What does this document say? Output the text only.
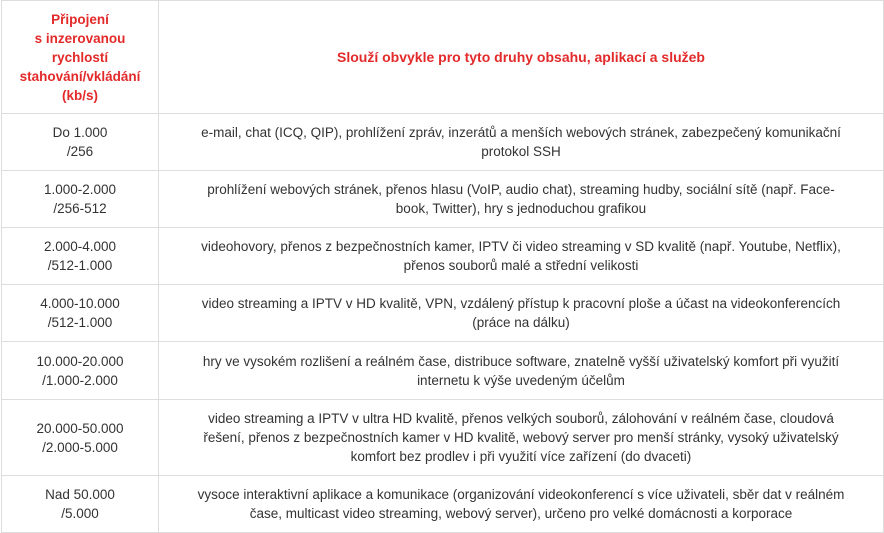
Připojení
s inzerovanou
rychlostí
stahování/vkládání
(kb/s)	Slouží obvykle pro tyto druhy obsahu, aplikací a služeb

Do 1.000
/256	e-mail, chat (ICQ, QIP), prohlížení zpráv, inzerátů a menších webových stránek, zabezpečený komunikační
protokol SSH

1.000-2.000
/256-512	prohlížení webových stránek, přenos hlasu (VoIP, audio chat), streaming hudby, sociální sítě (např. Face-
book, Twitter), hry s jednoduchou grafikou

2.000-4.000
/512-1.000	videohovory, přenos z bezpečnostních kamer, IPTV či video streaming v SD kvalitě (např. Youtube, Netflix),
přenos souborů malé a střední velikosti

4.000-10.000
/512-1.000	video streaming a IPTV v HD kvalitě, VPN, vzdálený přístup k pracovní ploše a účast na videokonferencích
(práce na dálku)

10.000-20.000
/1.000-2.000	hry ve vysokém rozlišení a reálném čase, distribuce software, znatelně vyšší uživatelský komfort při využití
internetu k výše uvedeným účelům

20.000-50.000
/2.000-5.000	video streaming a IPTV v ultra HD kvalitě, přenos velkých souborů, zálohování v reálném čase, cloudová
řešení, přenos z bezpečnostních kamer v HD kvalitě, webový server pro menší stránky, vysoký uživatelský
komfort bez prodlev i při využití více zařízení (do dvaceti)

Nad 50.000
/5.000	vysoce interaktivní aplikace a komunikace (organizování videokonferencí s více uživateli, sběr dat v reálném
čase, multicast video streaming, webový server), určeno pro velké domácnosti a korporace
